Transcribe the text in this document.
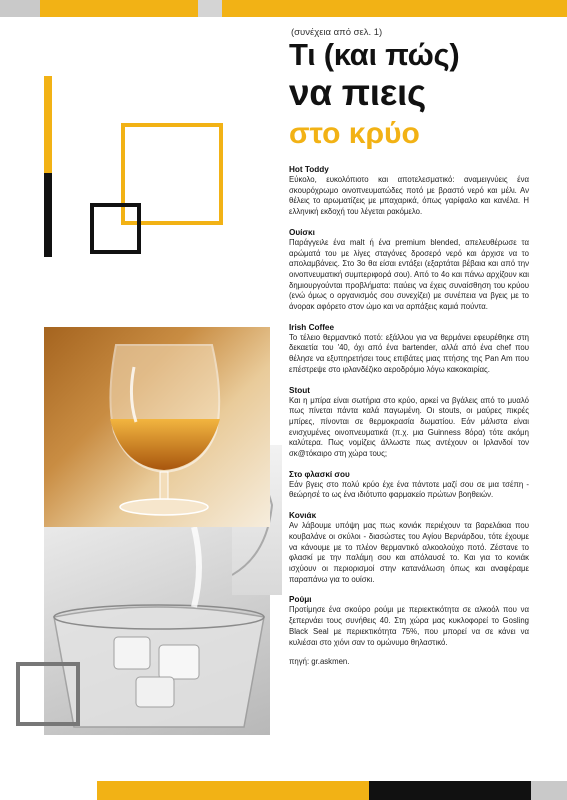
(συνέχεια από σελ. 1)
Τι (και πώς)
να πιεις
στο κρύο
Hot Toddy

Εύκολο, ευκολόπιοτο και αποτελεσματικό: αναμειγνύεις ένα σκουρόχρωμο οινοπνευματώδες ποτό με βραστό νερό και μέλι. Αν θέλεις το αρωματίζεις με μπαχαρικά, όπως γαρίφαλο και κανέλα. Η ελληνική εκδοχή του λέγεται ρακόμελο.

Ουίσκι

Παράγγειλε ένα malt ή ένα premium blended, απελευθέρωσε τα αρώματά του με λίγες σταγόνες δροσερό νερό και άρχισε να το απολαμβάνεις. Στο 3ο θα είσαι εντάξει (εξαρτάται βέβαια και από την οινοπνευματική συμπεριφορά σου). Από το 4ο και πάνω αρχίζουν και δημιουργούνται προβλήματα: παύεις να έχεις συναίσθηση του κρύου (ενώ όμως ο οργανισμός σου συνεχίζει) με συνέπεια να βγεις με το άνορακ αφόρετο στον ώμο και να αρπάξεις καμιά πούντα.

Irish Coffee

Το τέλειο θερμαντικό ποτό: εξάλλου για να θερμάνει εφευρέθηκε στη δεκαετία του '40, όχι από ένα bartender, αλλά από ένα chef που θέλησε να εξυπηρετήσει τους επιβάτες μιας πτήσης της Pan Am που επέστρεψε στο ιρλανδέζικο αεροδρόμιο λόγω κακοκαιρίας.

Stout

Και η μπίρα είναι σωτήρια στο κρύο, αρκεί να βγάλεις από το μυαλό πως πίνεται πάντα καλά παγωμένη. Οι stouts, οι μαύρες πικρές μπίρες, πίνονται σε θερμοκρασία δωματίου. Εάν μάλιστα είναι ενισχυμένες οινοπνευματικά (π.χ. μια Guinness 8όρα) τότε ακόμη καλύτερα. Πως νομίζεις άλλωστε πως αντέχουν οι Ιρλανδοί τον σκ@τόκαιρο στη χώρα τους;

Στο φλασκί σου

Εάν βγεις στο πολύ κρύο έχε ένα πάντοτε μαζί σου σε μια τσέπη - θεώρησέ το ως ένα ιδιότυπο φαρμακείο πρώτων βοηθειών.

Κονιάκ

Αν λάβουμε υπόψη μας πως κονιάκ περιέχουν τα βαρελάκια που κουβαλάνε οι σκύλοι - διασώστες του Αγίου Βερνάρδου, τότε έχουμε να κάνουμε με το πλέον θερμαντικό αλκοολούχο ποτό. Ζέστανε το φλασκί με την παλάμη σου και απόλαυσέ το. Και για το κονιάκ ισχύουν οι περιορισμοί στην κατανάλωση όπως και αναφέραμε παραπάνω για το ουίσκι.

Ρούμι

Προτίμησε ένα σκούρο ρούμι με περιεκτικότητα σε αλκοόλ που να ξεπερνάει τους συνήθεις 40. Στη χώρα μας κυκλοφορεί το Gosling Black Seal με περιεκτικότητα 75%, που μπορεί να σε κάνει να κυλιέσαι στο χιόνι σαν το ομώνυμο θηλαστικό.

πηγή: gr.askmen.
